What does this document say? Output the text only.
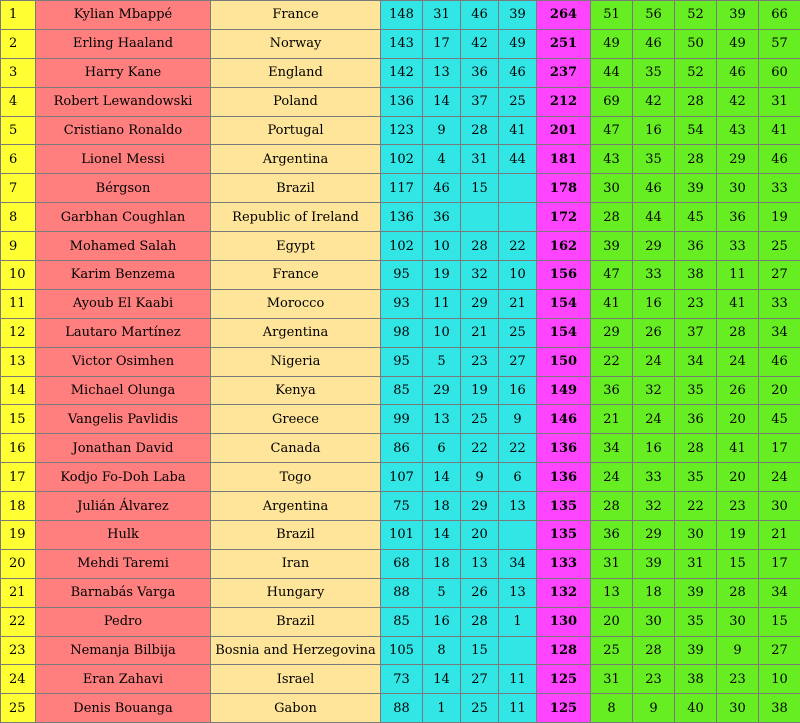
1	Kylian Mbappé	France	148	31	46	39	264	51	56	52	39	66
2	Erling Haaland	Norway	143	17	42	49	251	49	46	50	49	57
3	Harry Kane	England	142	13	36	46	237	44	35	52	46	60
4	Robert Lewandowski	Poland	136	14	37	25	212	69	42	28	42	31
5	Cristiano Ronaldo	Portugal	123	9	28	41	201	47	16	54	43	41
6	Lionel Messi	Argentina	102	4	31	44	181	43	35	28	29	46
7	Bérgson	Brazil	117	46	15		178	30	46	39	30	33
8	Garbhan Coughlan	Republic of Ireland	136	36			172	28	44	45	36	19
9	Mohamed Salah	Egypt	102	10	28	22	162	39	29	36	33	25
10	Karim Benzema	France	95	19	32	10	156	47	33	38	11	27
11	Ayoub El Kaabi	Morocco	93	11	29	21	154	41	16	23	41	33
12	Lautaro Martínez	Argentina	98	10	21	25	154	29	26	37	28	34
13	Victor Osimhen	Nigeria	95	5	23	27	150	22	24	34	24	46
14	Michael Olunga	Kenya	85	29	19	16	149	36	32	35	26	20
15	Vangelis Pavlidis	Greece	99	13	25	9	146	21	24	36	20	45
16	Jonathan David	Canada	86	6	22	22	136	34	16	28	41	17
17	Kodjo Fo-Doh Laba	Togo	107	14	9	6	136	24	33	35	20	24
18	Julián Álvarez	Argentina	75	18	29	13	135	28	32	22	23	30
19	Hulk	Brazil	101	14	20		135	36	29	30	19	21
20	Mehdi Taremi	Iran	68	18	13	34	133	31	39	31	15	17
21	Barnabás Varga	Hungary	88	5	26	13	132	13	18	39	28	34
22	Pedro	Brazil	85	16	28	1	130	20	30	35	30	15
23	Nemanja Bilbija	Bosnia and Herzegovina	105	8	15		128	25	28	39	9	27
24	Eran Zahavi	Israel	73	14	27	11	125	31	23	38	23	10
25	Denis Bouanga	Gabon	88	1	25	11	125	8	9	40	30	38
